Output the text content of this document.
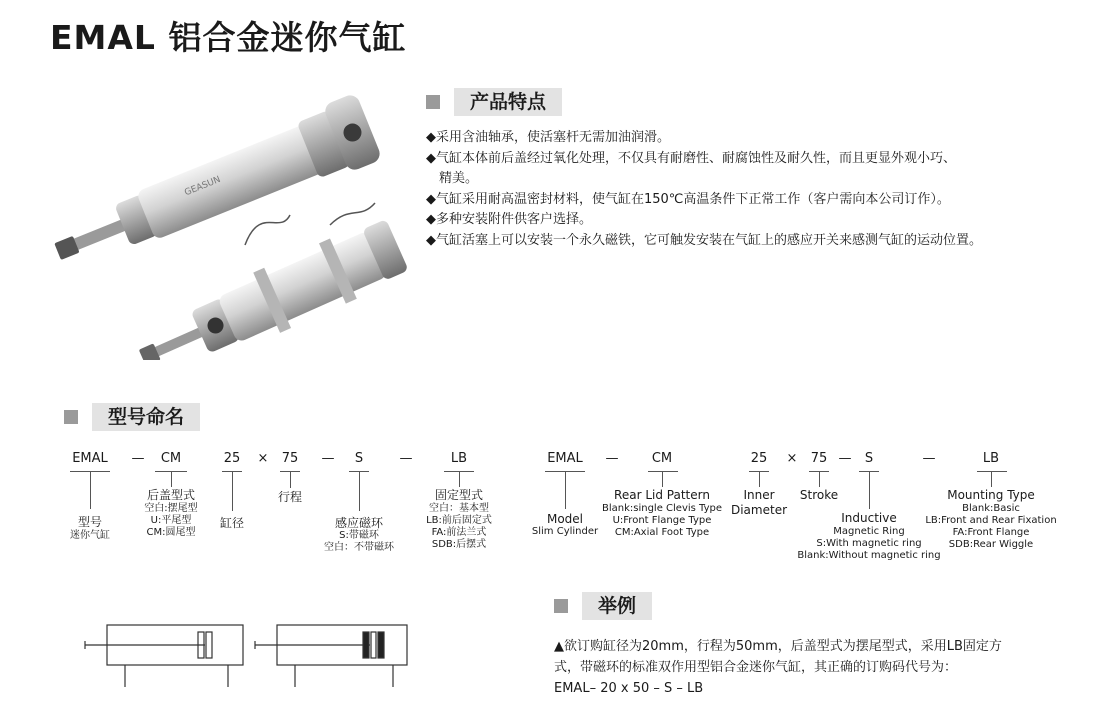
EMAL 铝合金迷你气缸
GEASUN
产品特点
◆采用含油轴承，使活塞杆无需加油润滑。
◆气缸本体前后盖经过氧化处理，不仅具有耐磨性、耐腐蚀性及耐久性，而且更显外观小巧、
精美。
◆气缸采用耐高温密封材料，使气缸在150℃高温条件下正常工作（客户需向本公司订作）。
◆多种安装附件供客户选择。
◆气缸活塞上可以安装一个永久磁铁，它可触发安装在气缸上的感应开关来感测气缸的运动位置。
型号命名
EMAL — CM	25 × 75 — S	—	LB
型号
迷你气缸
后盖型式
空白:摆尾型
U:平尾型
CM:圆尾型
缸径
行程
感应磁环
S:带磁环
空白：不带磁环
固定型式
空白：基本型
LB:前后固定式
FA:前法兰式
SDB:后摆式
EMAL —	CM	25 × 75 — S	—	LB
Model
Slim Cylinder
Rear Lid Pattern
Blank:single Clevis Type
U:Front Flange Type
CM:Axial Foot Type
Inner
Diameter
Stroke
Inductive
Magnetic Ring
S:With magnetic ring
Blank:Without magnetic ring
Mounting Type
Blank:Basic
LB:Front and Rear Fixation
FA:Front Flange
SDB:Rear Wiggle
举例
▲欲订购缸径为20mm，行程为50mm，后盖型式为摆尾型式，采用LB固定方
式，带磁环的标准双作用型铝合金迷你气缸，其正确的订购码代号为：
EMAL– 20 x 50 – S – LB
